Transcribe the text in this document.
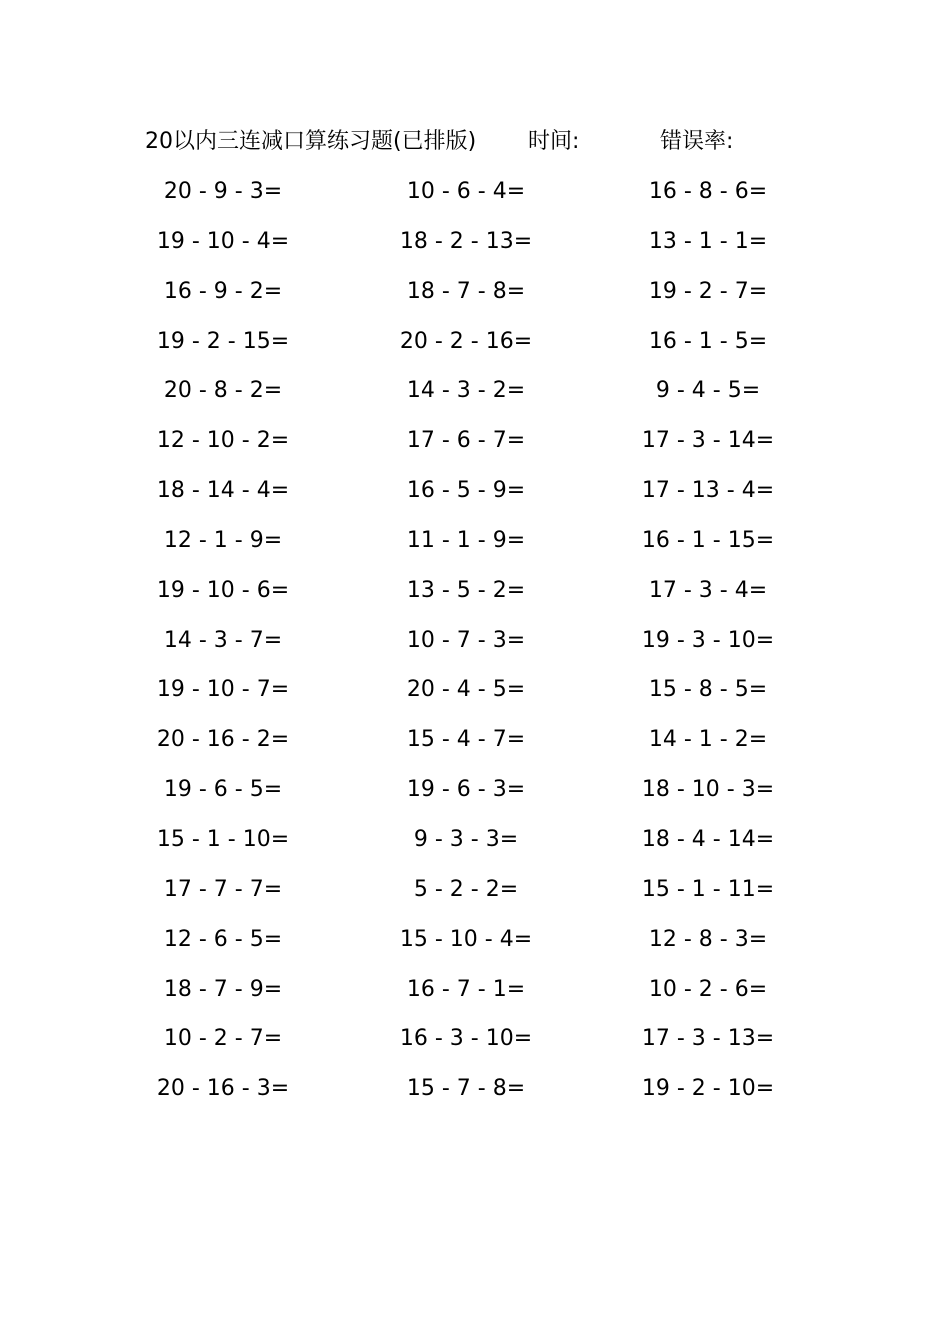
20以内三连减口算练习题(已排版) 时间:	错误率:
20 - 9 - 3=	10 - 6 - 4=	16 - 8 - 6=
19 - 10 - 4=	18 - 2 - 13=	13 - 1 - 1=
16 - 9 - 2=	18 - 7 - 8=	19 - 2 - 7=
19 - 2 - 15=	20 - 2 - 16=	16 - 1 - 5=
20 - 8 - 2=	14 - 3 - 2=	9 - 4 - 5=
12 - 10 - 2=	17 - 6 - 7=	17 - 3 - 14=
18 - 14 - 4=	16 - 5 - 9=	17 - 13 - 4=
12 - 1 - 9=	11 - 1 - 9=	16 - 1 - 15=
19 - 10 - 6=	13 - 5 - 2=	17 - 3 - 4=
14 - 3 - 7=	10 - 7 - 3=	19 - 3 - 10=
19 - 10 - 7=	20 - 4 - 5=	15 - 8 - 5=
20 - 16 - 2=	15 - 4 - 7=	14 - 1 - 2=
19 - 6 - 5=	19 - 6 - 3=	18 - 10 - 3=
15 - 1 - 10=	9 - 3 - 3=	18 - 4 - 14=
17 - 7 - 7=	5 - 2 - 2=	15 - 1 - 11=
12 - 6 - 5=	15 - 10 - 4=	12 - 8 - 3=
18 - 7 - 9=	16 - 7 - 1=	10 - 2 - 6=
10 - 2 - 7=	16 - 3 - 10=	17 - 3 - 13=
20 - 16 - 3=	15 - 7 - 8=	19 - 2 - 10=
